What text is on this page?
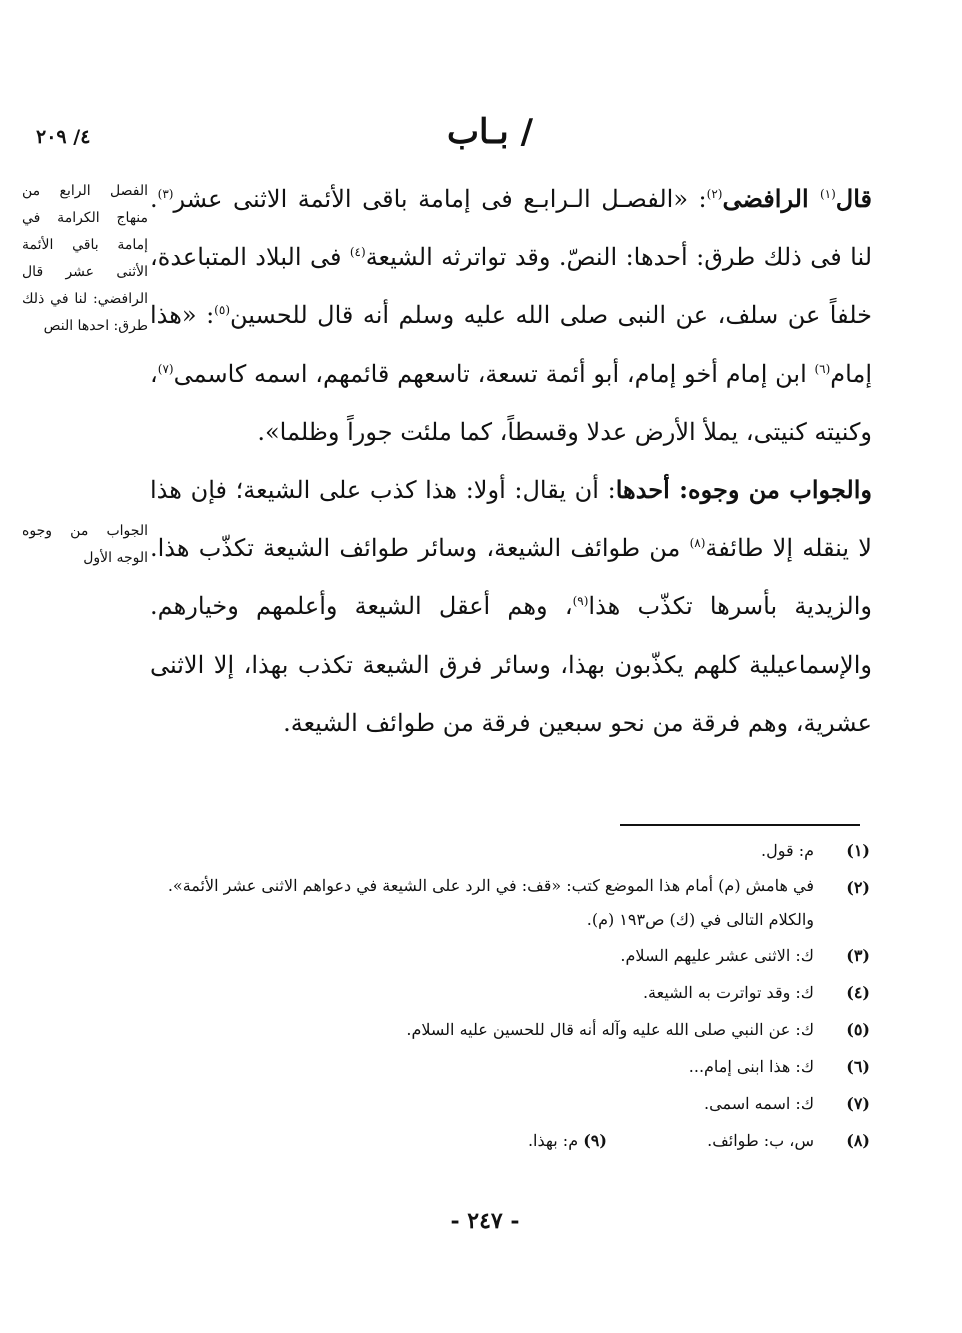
٤/ ٢٠٩	/ بـاب

قال$^{(١)}$ الرافضى$^{(٢)}$: «الفصـل الـرابـع فى إمامة باقى الأئمة الاثنى عشر$^{(٣)}$. لنا فى ذلك طرق: أحدها: النصّ. وقد تواترثه الشيعة$^{(٤)}$ فى البلاد المتباعدة، خلفاً عن سلف، عن النبى صلى الله عليه وسلم أنه قال للحسين$^{(٥)}$: «هذا إمام$^{(٦)}$ ابن إمام أخو إمام، أبو أئمة تسعة، تاسعهم قائمهم، اسمه كاسمى$^{(٧)}$، وكنيته كنيتى، يملأ الأرض عدلا وقسطاً، كما ملئت جوراً وظلما».

والجواب من وجوه: أحدها: أن يقال: أولا: هذا كذب على الشيعة؛ فإن هذا لا ينقله إلا طائفة$^{(٨)}$ من طوائف الشيعة، وسائر طوائف الشيعة تكذّب هذا. والزيدية بأسرها تكذّب هذا$^{(٩)}$، وهم أعقل الشيعة وأعلمهم وخيارهم. والإسماعيلية كلهم يكذّبون بهذا، وسائر فرق الشيعة تكذب بهذا، إلا الاثنى عشرية، وهم فرقة من نحو سبعين فرقة من طوائف الشيعة.

الفصل الرابع من منهاج الكرامة في إمامة باقي الأئمة الأثنى عشر قال الرافضي: لنا في ذلك طرق: احدها النص
الجواب من وجوه الوجه الأول
(١)
م: قول.
(٢)
في هامش (م) أمام هذا الموضع كتب: «قف: في الرد على الشيعة في دعواهم الاثنى عشر الأئمة». والكلام التالى في (ك) ص١٩٣ (م).
(٣)
ك: الاثنى عشر عليهم السلام.
(٤)
ك: وقد تواترت به الشيعة.
(٥)
ك: عن النبي صلى الله عليه وآله أنه قال للحسين عليه السلام.
(٦)
ك: هذا ابنى إمام...
(٧)
ك: اسمه اسمى.
(٨)
س، ب: طوائف.  (٩) م: بهذا.
- ٢٤٧ -
